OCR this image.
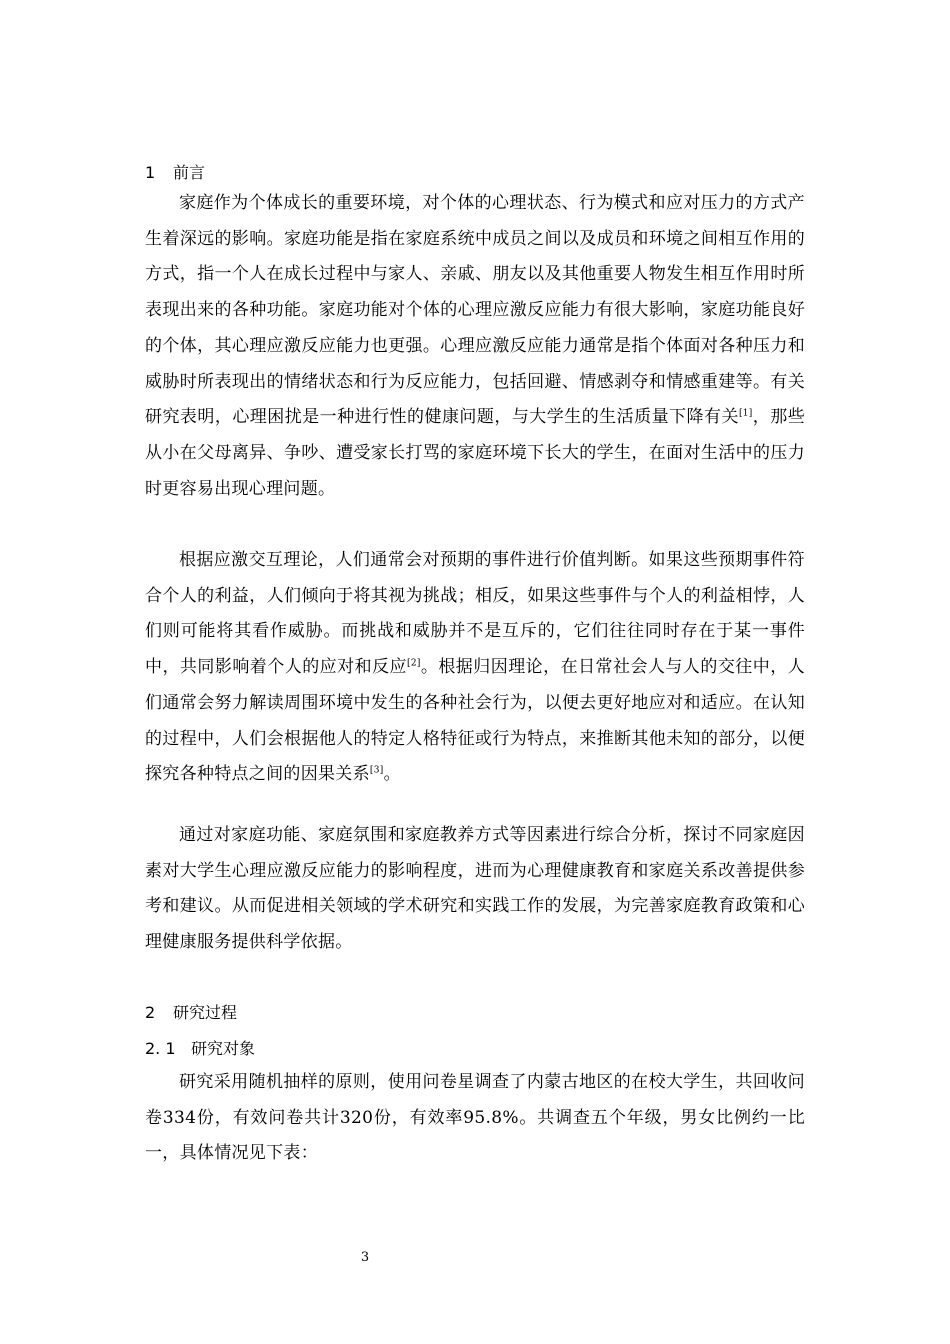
1 前言

家庭作为个体成长的重要环境，对个体的心理状态、行为模式和应对压力的方式产生着深远的影响。家庭功能是指在家庭系统中成员之间以及成员和环境之间相互作用的方式，指一个人在成长过程中与家人、亲戚、朋友以及其他重要人物发生相互作用时所表现出来的各种功能。家庭功能对个体的心理应激反应能力有很大影响，家庭功能良好的个体，其心理应激反应能力也更强。心理应激反应能力通常是指个体面对各种压力和威胁时所表现出的情绪状态和行为反应能力，包括回避、情感剥夺和情感重建等。有关研究表明，心理困扰是一种进行性的健康问题，与大学生的生活质量下降有关[1]，那些从小在父母离异、争吵、遭受家长打骂的家庭环境下长大的学生，在面对生活中的压力时更容易出现心理问题。

根据应激交互理论，人们通常会对预期的事件进行价值判断。如果这些预期事件符合个人的利益，人们倾向于将其视为挑战；相反，如果这些事件与个人的利益相悖，人们则可能将其看作威胁。而挑战和威胁并不是互斥的，它们往往同时存在于某一事件中，共同影响着个人的应对和反应[2]。根据归因理论，在日常社会人与人的交往中，人们通常会努力解读周围环境中发生的各种社会行为，以便去更好地应对和适应。在认知的过程中，人们会根据他人的特定人格特征或行为特点，来推断其他未知的部分，以便探究各种特点之间的因果关系[3]。

通过对家庭功能、家庭氛围和家庭教养方式等因素进行综合分析，探讨不同家庭因素对大学生心理应激反应能力的影响程度，进而为心理健康教育和家庭关系改善提供参考和建议。从而促进相关领域的学术研究和实践工作的发展，为完善家庭教育政策和心理健康服务提供科学依据。

2 研究过程
2. 1 研究对象

研究采用随机抽样的原则，使用问卷星调查了内蒙古地区的在校大学生，共回收问卷334份，有效问卷共计320份，有效率95.8%。共调查五个年级，男女比例约一比一，具体情况见下表：

3
